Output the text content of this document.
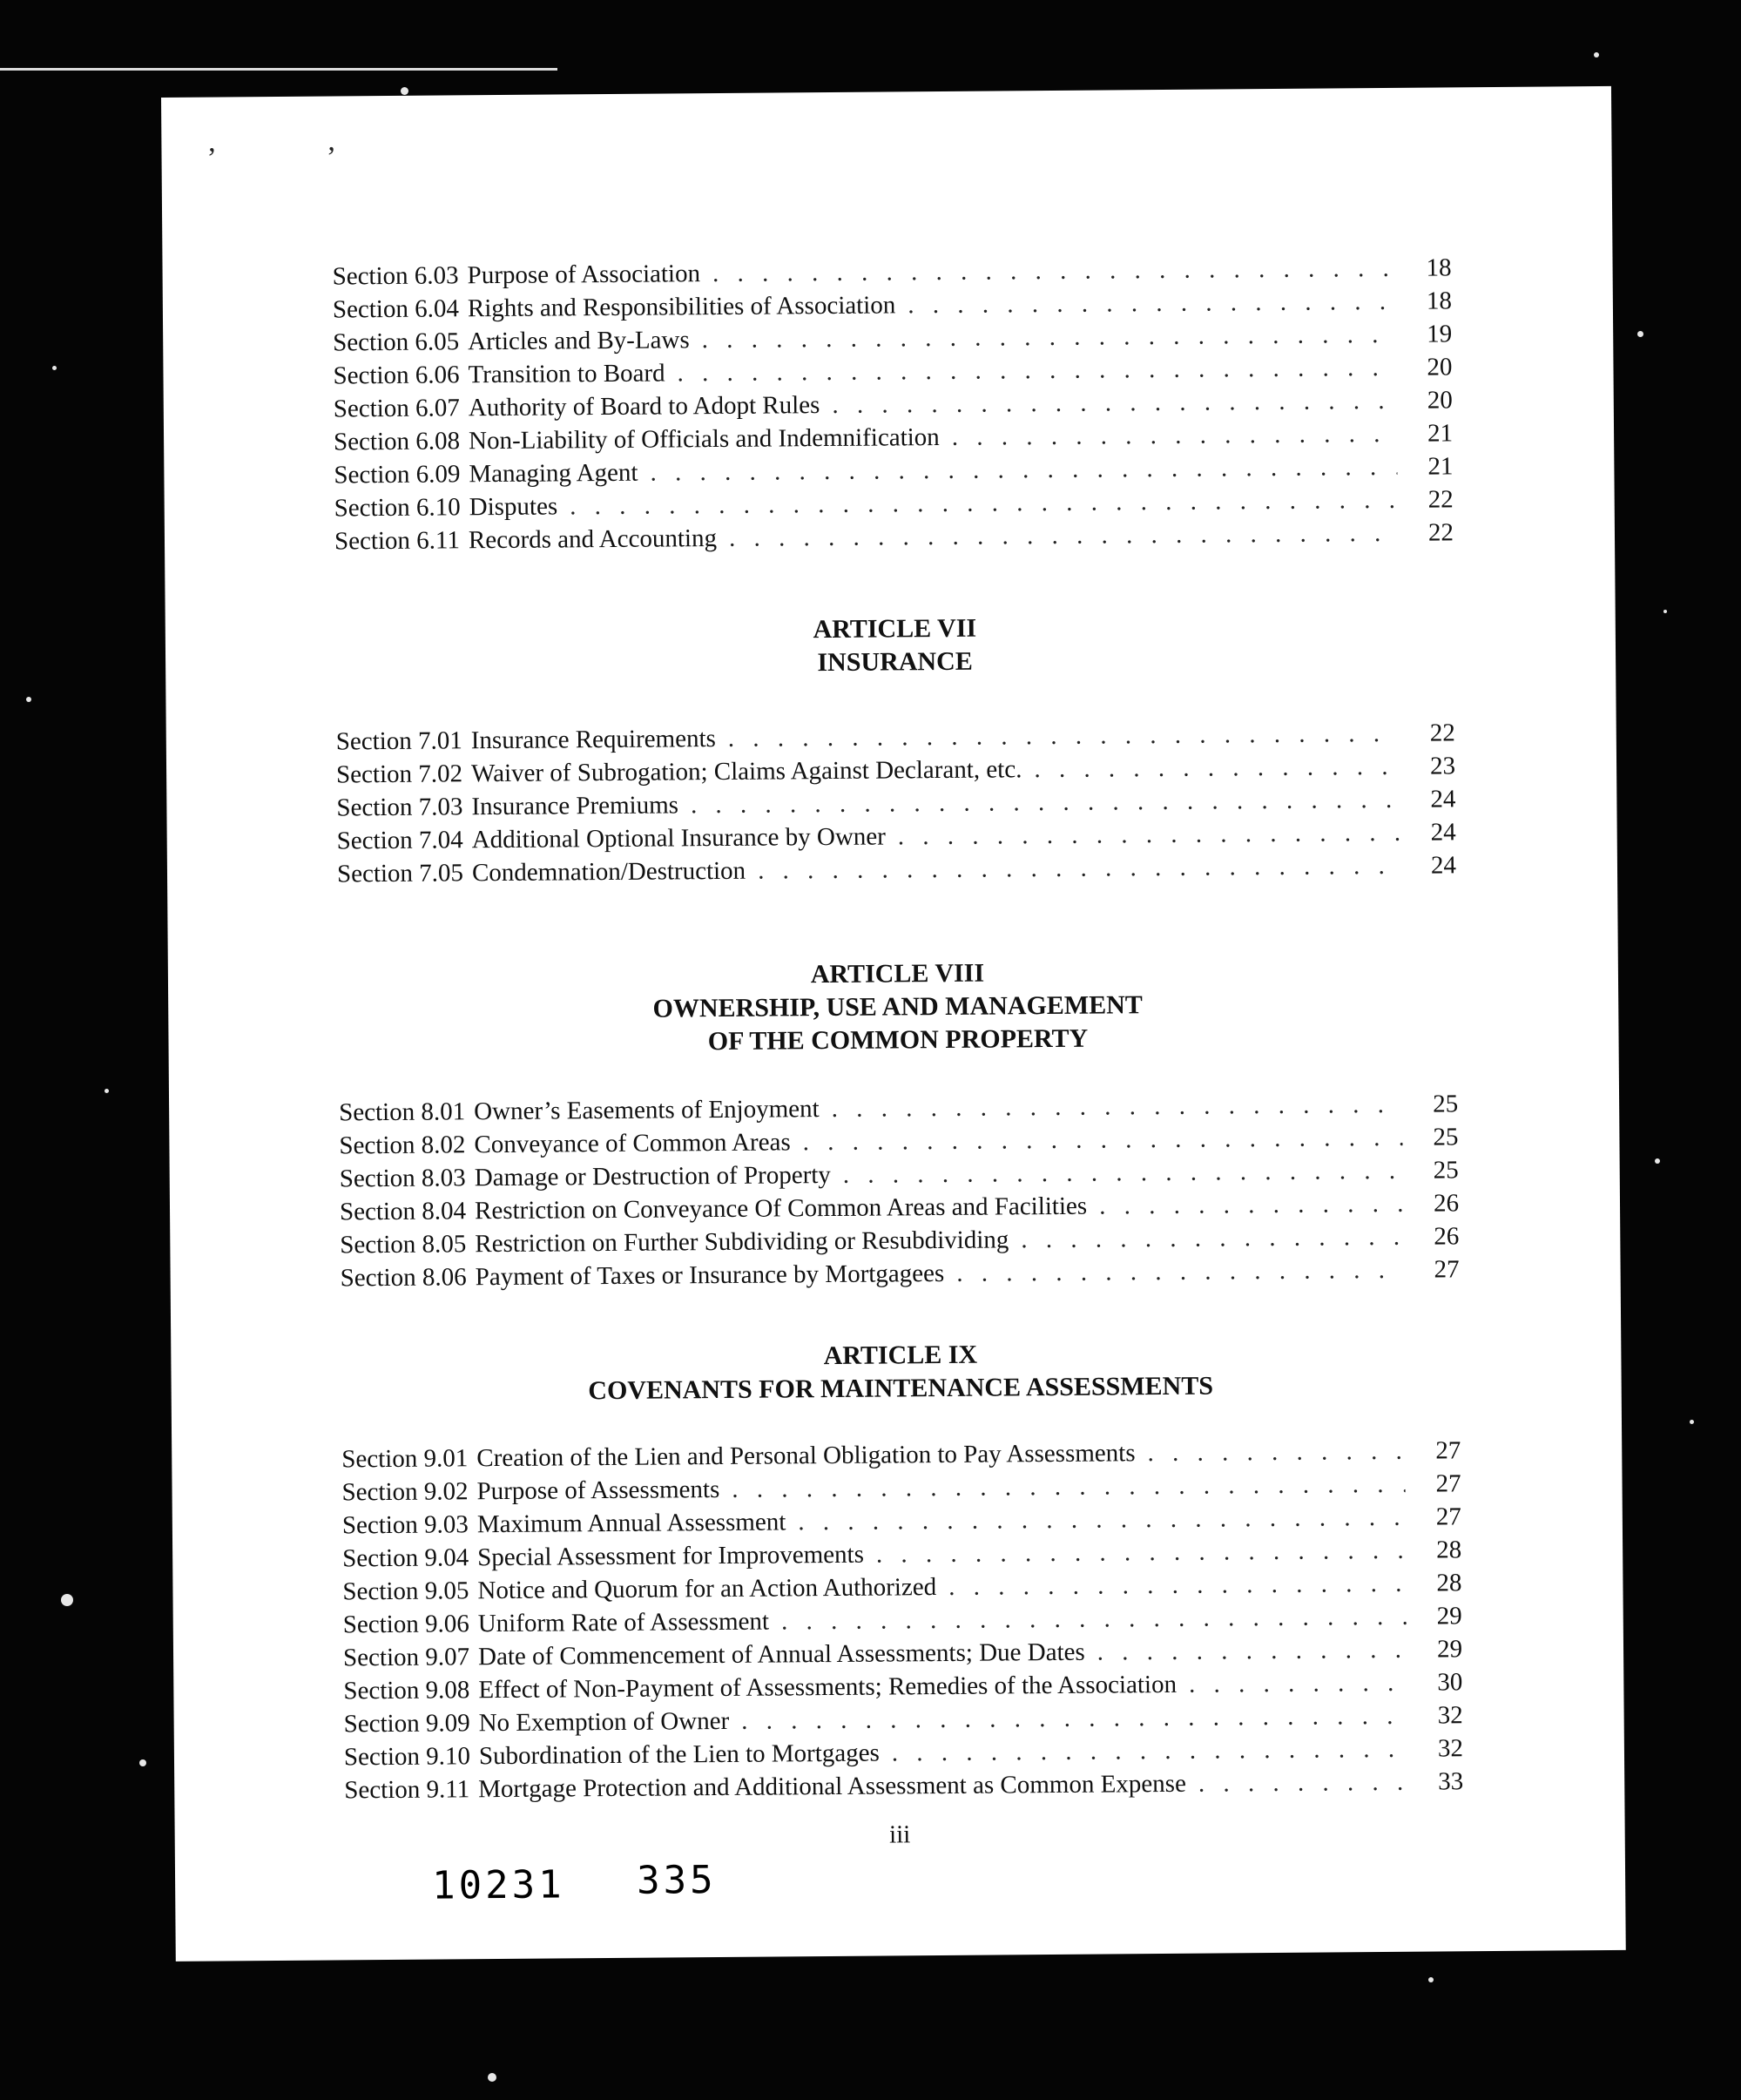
’ ’
Section 6.03 Purpose of Association . . .	18
Section 6.04 Rights and Responsibilities of Association . . .	18
Section 6.05 Articles and By-Laws . . .	19
Section 6.06 Transition to Board . . .	20
Section 6.07 Authority of Board to Adopt Rules . . .	20
Section 6.08 Non-Liability of Officials and Indemnification . . .	21
Section 6.09 Managing Agent . . .	21
Section 6.10 Disputes . . .	22
Section 6.11 Records and Accounting . . .	22
ARTICLE VII
INSURANCE
Section 7.01 Insurance Requirements . . .	22
Section 7.02 Waiver of Subrogation; Claims Against Declarant, etc. . . .	23
Section 7.03 Insurance Premiums . . .	24
Section 7.04 Additional Optional Insurance by Owner . . .	24
Section 7.05 Condemnation/Destruction . . .	24
ARTICLE VIII
OWNERSHIP, USE AND MANAGEMENT
OF THE COMMON PROPERTY
Section 8.01 Owner’s Easements of Enjoyment . . .	25
Section 8.02 Conveyance of Common Areas . . .	25
Section 8.03 Damage or Destruction of Property . . .	25
Section 8.04 Restriction on Conveyance Of Common Areas and Facilities . . .	26
Section 8.05 Restriction on Further Subdividing or Resubdividing . . .	26
Section 8.06 Payment of Taxes or Insurance by Mortgagees . . .	27
ARTICLE IX
COVENANTS FOR MAINTENANCE ASSESSMENTS
Section 9.01 Creation of the Lien and Personal Obligation to Pay Assessments . . .	27
Section 9.02 Purpose of Assessments . . .	27
Section 9.03 Maximum Annual Assessment . . .	27
Section 9.04 Special Assessment for Improvements . . .	28
Section 9.05 Notice and Quorum for an Action Authorized . . .	28
Section 9.06 Uniform Rate of Assessment . . .	29
Section 9.07 Date of Commencement of Annual Assessments; Due Dates . . .	29
Section 9.08 Effect of Non-Payment of Assessments; Remedies of the Association . . .	30
Section 9.09 No Exemption of Owner . . .	32
Section 9.10 Subordination of the Lien to Mortgages . . .	32
Section 9.11 Mortgage Protection and Additional Assessment as Common Expense . . .	33
iii
10231 335
